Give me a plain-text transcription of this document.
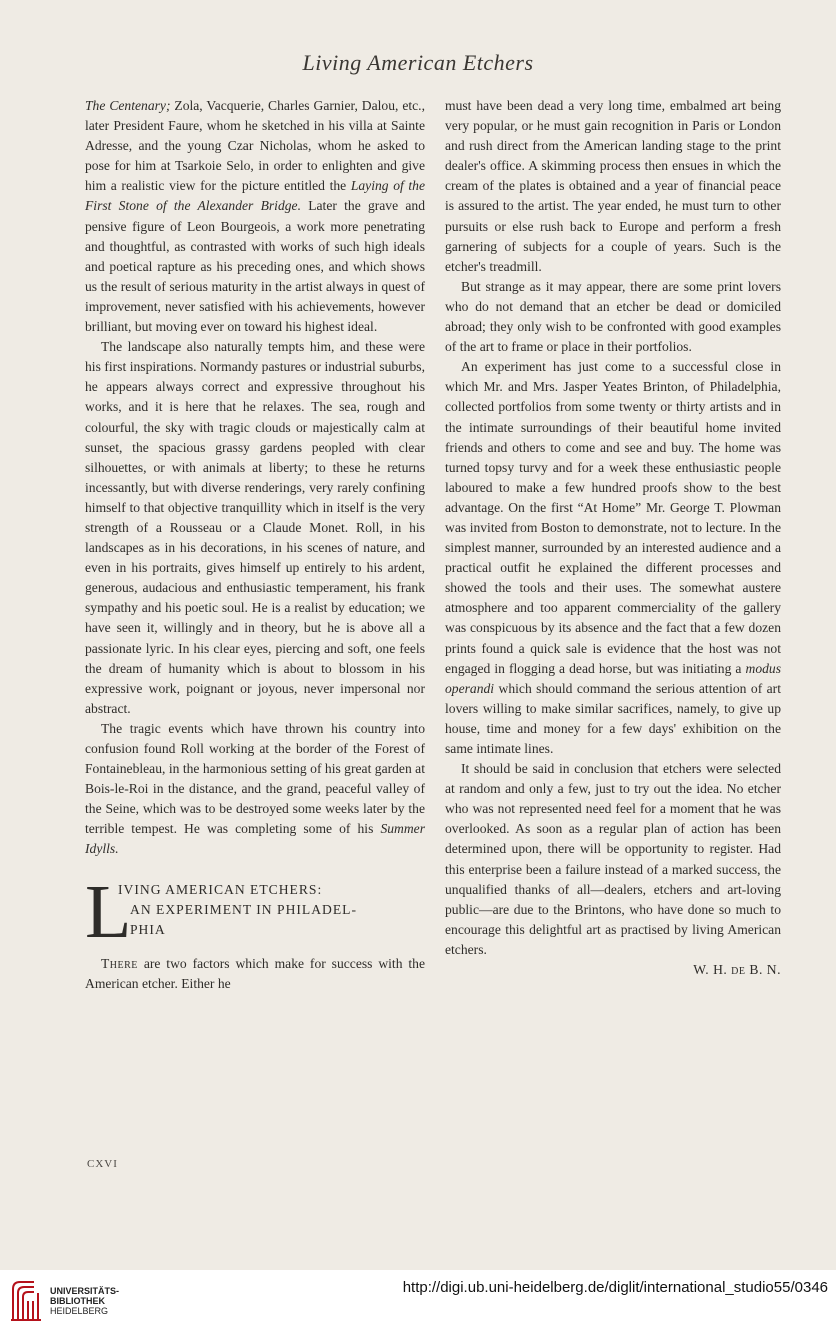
Living American Etchers

The Centenary; Zola, Vacquerie, Charles Garnier, Dalou, etc., later President Faure, whom he sketched in his villa at Sainte Adresse, and the young Czar Nicholas, whom he asked to pose for him at Tsarkoie Selo, in order to enlighten and give him a realistic view for the picture entitled the Laying of the First Stone of the Alexander Bridge. Later the grave and pensive figure of Leon Bourgeois, a work more penetrating and thoughtful, as contrasted with works of such high ideals and poetical rapture as his preceding ones, and which shows us the result of serious maturity in the artist always in quest of improvement, never satisfied with his achievements, however brilliant, but moving ever on toward his highest ideal.

The landscape also naturally tempts him, and these were his first inspirations. Normandy pastures or industrial suburbs, he appears always correct and expressive throughout his works, and it is here that he relaxes. The sea, rough and colourful, the sky with tragic clouds or majestically calm at sunset, the spacious grassy gardens peopled with clear silhouettes, or with animals at liberty; to these he returns incessantly, but with diverse renderings, very rarely confining himself to that objective tranquillity which in itself is the very strength of a Rousseau or a Claude Monet. Roll, in his landscapes as in his decorations, in his scenes of nature, and even in his portraits, gives himself up entirely to his ardent, generous, audacious and enthusiastic temperament, his frank sympathy and his poetic soul. He is a realist by education; we have seen it, willingly and in theory, but he is above all a passionate lyric. In his clear eyes, piercing and soft, one feels the dream of humanity which is about to blossom in his expressive work, poignant or joyous, never impersonal nor abstract.

The tragic events which have thrown his country into confusion found Roll working at the border of the Forest of Fontainebleau, in the harmonious setting of his great garden at Bois-le-Roi in the distance, and the grand, peaceful valley of the Seine, which was to be destroyed some weeks later by the terrible tempest. He was completing some of his Summer Idylls.

L
IVING AMERICAN ETCHERS:
AN EXPERIMENT IN PHILADEL-
PHIA

There are two factors which make for success with the American etcher. Either he

must have been dead a very long time, embalmed art being very popular, or he must gain recognition in Paris or London and rush direct from the American landing stage to the print dealer's office. A skimming process then ensues in which the cream of the plates is obtained and a year of financial peace is assured to the artist. The year ended, he must turn to other pursuits or else rush back to Europe and perform a fresh garnering of subjects for a couple of years. Such is the etcher's treadmill.

But strange as it may appear, there are some print lovers who do not demand that an etcher be dead or domiciled abroad; they only wish to be confronted with good examples of the art to frame or place in their portfolios.

An experiment has just come to a successful close in which Mr. and Mrs. Jasper Yeates Brinton, of Philadelphia, collected portfolios from some twenty or thirty artists and in the intimate surroundings of their beautiful home invited friends and others to come and see and buy. The home was turned topsy turvy and for a week these enthusiastic people laboured to make a few hundred proofs show to the best advantage. On the first “At Home” Mr. George T. Plowman was invited from Boston to demonstrate, not to lecture. In the simplest manner, surrounded by an interested audience and a practical outfit he explained the different processes and showed the tools and their uses. The somewhat austere atmosphere and too apparent commerciality of the gallery was conspicuous by its absence and the fact that a few dozen prints found a quick sale is evidence that the host was not engaged in flogging a dead horse, but was initiating a modus operandi which should command the serious attention of art lovers willing to make similar sacrifices, namely, to give up house, time and money for a few days' exhibition on the same intimate lines.

It should be said in conclusion that etchers were selected at random and only a few, just to try out the idea. No etcher who was not represented need feel for a moment that he was overlooked. As soon as a regular plan of action has been determined upon, there will be opportunity to register. Had this enterprise been a failure instead of a marked success, the unqualified thanks of all—dealers, etchers and art-loving public—are due to the Brintons, who have done so much to encourage this delightful art as practised by living American etchers.

W. H. de B. N.
CXVI
UNIVERSITÄTS-
BIBLIOTHEK
HEIDELBERG
http://digi.ub.uni-heidelberg.de/diglit/international_studio55/0346
